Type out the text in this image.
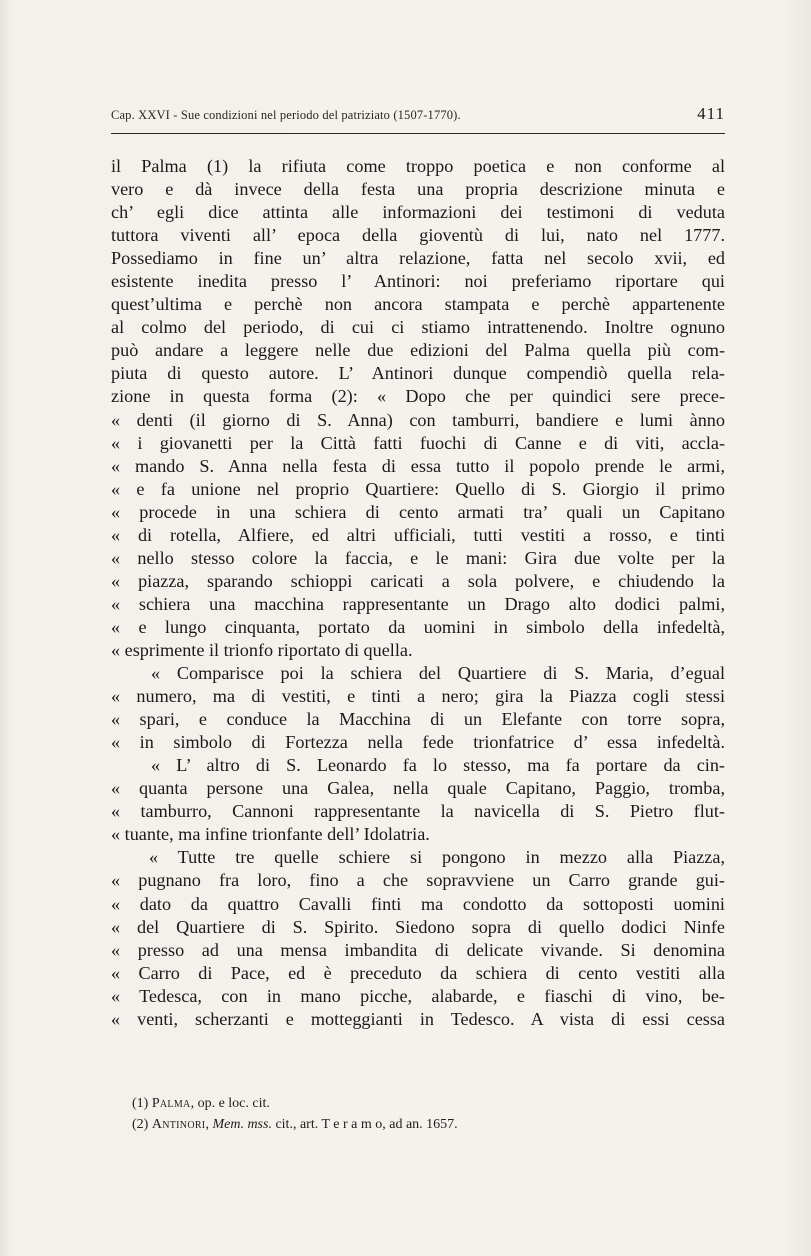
Cap. XXVI - Sue condizioni nel periodo del patriziato (1507-1770).	411
il Palma (1) la rifiuta come troppo poetica e non conforme al
vero e dà invece della festa una propria descrizione minuta e
ch’ egli dice attinta alle informazioni dei testimoni di veduta
tuttora viventi all’ epoca della gioventù di lui, nato nel 1777.
Possediamo in fine un’ altra relazione, fatta nel secolo xvii, ed
esistente inedita presso l’ Antinori: noi preferiamo riportare qui
quest’ultima e perchè non ancora stampata e perchè appartenente
al colmo del periodo, di cui ci stiamo intrattenendo. Inoltre ognuno
può andare a leggere nelle due edizioni del Palma quella più com-
piuta di questo autore. L’ Antinori dunque compendiò quella rela-
zione in questa forma (2): « Dopo che per quindici sere prece-
« denti (il giorno di S. Anna) con tamburri, bandiere e lumi ànno
« i giovanetti per la Città fatti fuochi di Canne e di viti, accla-
« mando S. Anna nella festa di essa tutto il popolo prende le armi,
« e fa unione nel proprio Quartiere: Quello di S. Giorgio il primo
« procede in una schiera di cento armati tra’ quali un Capitano
« di rotella, Alfiere, ed altri ufficiali, tutti vestiti a rosso, e tinti
« nello stesso colore la faccia, e le mani: Gira due volte per la
« piazza, sparando schioppi caricati a sola polvere, e chiudendo la
« schiera una macchina rappresentante un Drago alto dodici palmi,
« e lungo cinquanta, portato da uomini in simbolo della infedeltà,
« esprimente il trionfo riportato di quella.
« Comparisce poi la schiera del Quartiere di S. Maria, d’egual
« numero, ma di vestiti, e tinti a nero; gira la Piazza cogli stessi
« spari, e conduce la Macchina di un Elefante con torre sopra,
« in simbolo di Fortezza nella fede trionfatrice d’ essa infedeltà.
« L’ altro di S. Leonardo fa lo stesso, ma fa portare da cin-
« quanta persone una Galea, nella quale Capitano, Paggio, tromba,
« tamburro, Cannoni rappresentante la navicella di S. Pietro flut-
« tuante, ma infine trionfante dell’ Idolatria.
« Tutte tre quelle schiere si pongono in mezzo alla Piazza,
« pugnano fra loro, fino a che sopravviene un Carro grande gui-
« dato da quattro Cavalli finti ma condotto da sottoposti uomini
« del Quartiere di S. Spirito. Siedono sopra di quello dodici Ninfe
« presso ad una mensa imbandita di delicate vivande. Si denomina
« Carro di Pace, ed è preceduto da schiera di cento vestiti alla
« Tedesca, con in mano picche, alabarde, e fiaschi di vino, be-
« venti, scherzanti e motteggianti in Tedesco. A vista di essi cessa
(1) Palma, op. e loc. cit.
(2) Antinori, Mem. mss. cit., art. T e r a m o, ad an. 1657.
